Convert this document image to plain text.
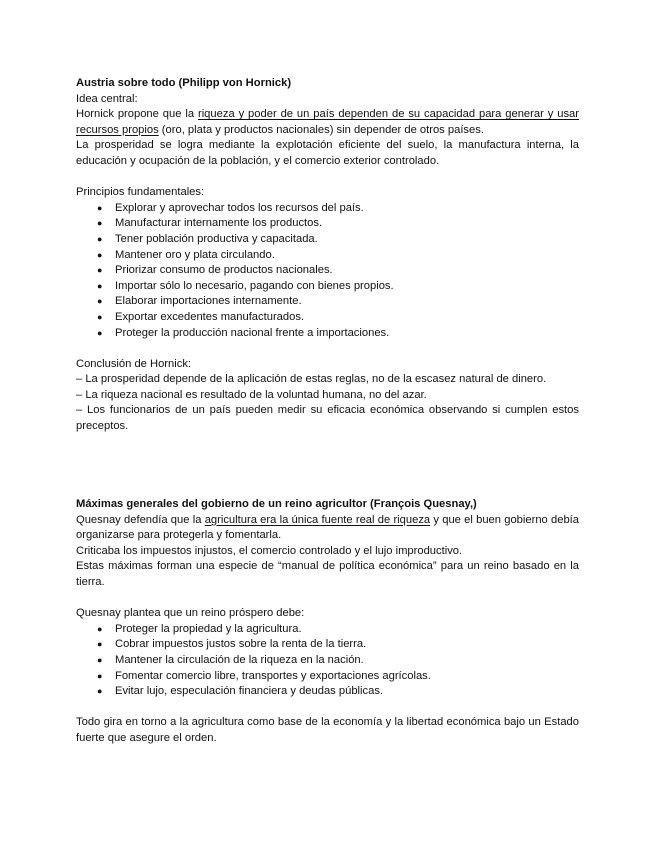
Austria sobre todo (Philipp von Hornick)

Idea central:

Hornick propone que la riqueza y poder de un país dependen de su capacidad para generar y usar recursos propios (oro, plata y productos nacionales) sin depender de otros países.

La prosperidad se logra mediante la explotación eficiente del suelo, la manufactura interna, la educación y ocupación de la población, y el comercio exterior controlado.

Principios fundamentales:

● Explorar y aprovechar todos los recursos del país.
● Manufacturar internamente los productos.
● Tener población productiva y capacitada.
● Mantener oro y plata circulando.
● Priorizar consumo de productos nacionales.
● Importar sólo lo necesario, pagando con bienes propios.
● Elaborar importaciones internamente.
● Exportar excedentes manufacturados.
● Proteger la producción nacional frente a importaciones.

Conclusión de Hornick:

– La prosperidad depende de la aplicación de estas reglas, no de la escasez natural de dinero.

– La riqueza nacional es resultado de la voluntad humana, no del azar.

– Los funcionarios de un país pueden medir su eficacia económica observando si cumplen estos preceptos.

Máximas generales del gobierno de un reino agricultor (François Quesnay,)

Quesnay defendía que la agricultura era la única fuente real de riqueza y que el buen gobierno debía organizarse para protegerla y fomentarla.

Criticaba los impuestos injustos, el comercio controlado y el lujo improductivo.

Estas máximas forman una especie de “manual de política económica” para un reino basado en la tierra.

Quesnay plantea que un reino próspero debe:

● Proteger la propiedad y la agricultura.
● Cobrar impuestos justos sobre la renta de la tierra.
● Mantener la circulación de la riqueza en la nación.
● Fomentar comercio libre, transportes y exportaciones agrícolas.
● Evitar lujo, especulación financiera y deudas públicas.

Todo gira en torno a la agricultura como base de la economía y la libertad económica bajo un Estado fuerte que asegure el orden.
